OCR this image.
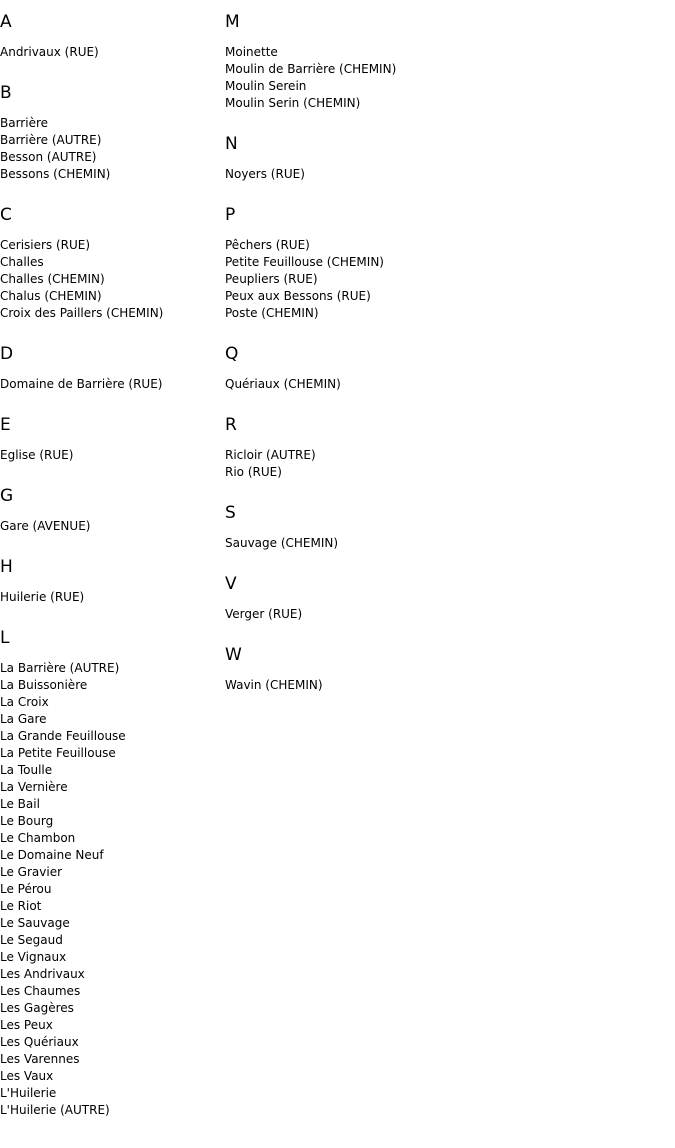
A
Andrivaux (RUE)
B
Barrière
Barrière (AUTRE)
Besson (AUTRE)
Bessons (CHEMIN)
C
Cerisiers (RUE)
Challes
Challes (CHEMIN)
Chalus (CHEMIN)
Croix des Paillers (CHEMIN)
D
Domaine de Barrière (RUE)
E
Eglise (RUE)
G
Gare (AVENUE)
H
Huilerie (RUE)
L
La Barrière (AUTRE)
La Buissonière
La Croix
La Gare
La Grande Feuillouse
La Petite Feuillouse
La Toulle
La Vernière
Le Bail
Le Bourg
Le Chambon
Le Domaine Neuf
Le Gravier
Le Pérou
Le Riot
Le Sauvage
Le Segaud
Le Vignaux
Les Andrivaux
Les Chaumes
Les Gagères
Les Peux
Les Quériaux
Les Varennes
Les Vaux
L'Huilerie
L'Huilerie (AUTRE)
M
Moinette
Moulin de Barrière (CHEMIN)
Moulin Serein
Moulin Serin (CHEMIN)
N
Noyers (RUE)
P
Pêchers (RUE)
Petite Feuillouse (CHEMIN)
Peupliers (RUE)
Peux aux Bessons (RUE)
Poste (CHEMIN)
Q
Quériaux (CHEMIN)
R
Ricloir (AUTRE)
Rio (RUE)
S
Sauvage (CHEMIN)
V
Verger (RUE)
W
Wavin (CHEMIN)
